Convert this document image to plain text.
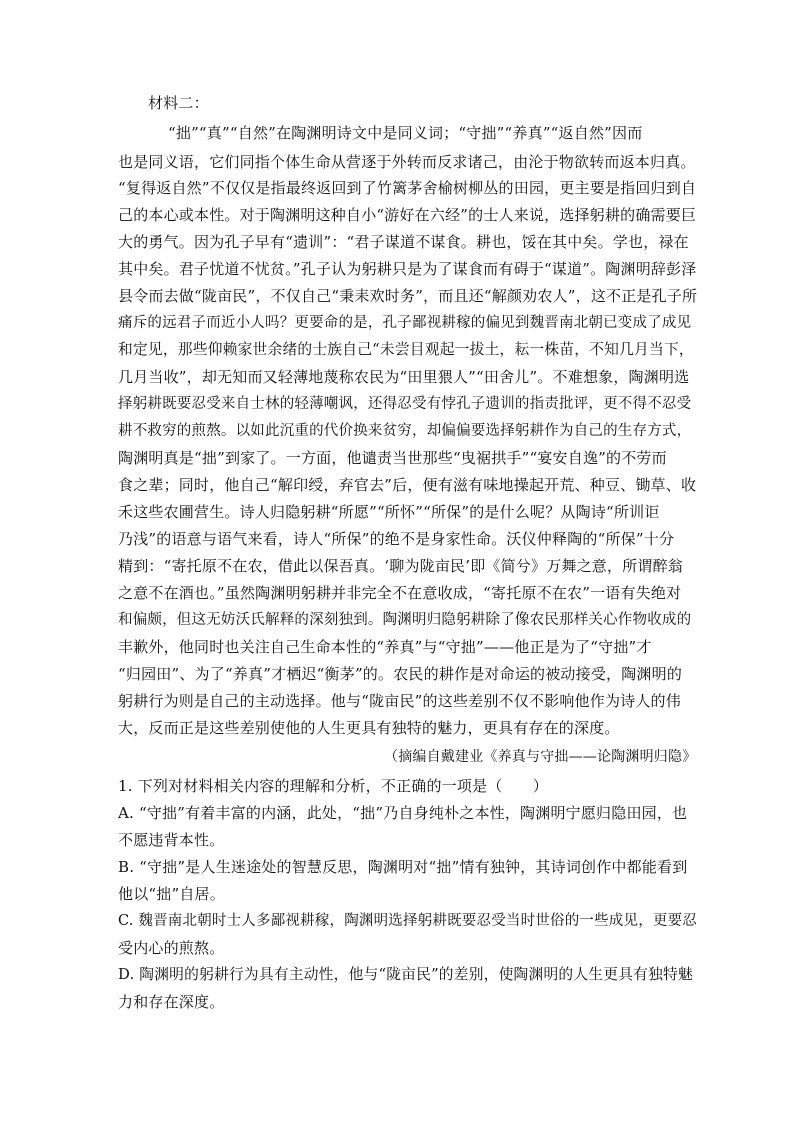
材料二：
“拙”“真”“自然”在陶渊明诗文中是同义词；“守拙”“养真”“返自然”因而
也是同义语，它们同指个体生命从营逐于外转而反求诸己，由沦于物欲转而返本归真。
“复得返自然”不仅仅是指最终返回到了竹篱茅舍榆树柳丛的田园，更主要是指回归到自
己的本心或本性。对于陶渊明这种自小“游好在六经”的士人来说，选择躬耕的确需要巨
大的勇气。因为孔子早有“遗训”：“君子谋道不谋食。耕也，馁在其中矣。学也，禄在
其中矣。君子忧道不忧贫。”孔子认为躬耕只是为了谋食而有碍于“谋道”。陶渊明辞彭泽
县令而去做“陇亩民”，不仅自己“秉耒欢时务”，而且还“解颜劝农人”，这不正是孔子所
痛斥的远君子而近小人吗？更要命的是，孔子鄙视耕稼的偏见到魏晋南北朝已变成了成见
和定见，那些仰赖家世余绪的士族自己“未尝目观起一拔土，耘一株苗，不知几月当下，
几月当收”，却无知而又轻薄地蔑称农民为“田里猥人”“田舍儿”。不难想象，陶渊明选
择躬耕既要忍受来自士林的轻薄嘲讽，还得忍受有悖孔子遗训的指责批评，更不得不忍受
耕不救穷的煎熬。以如此沉重的代价换来贫穷，却偏偏要选择躬耕作为自己的生存方式，
陶渊明真是“拙”到家了。一方面，他谴责当世那些“曳裾拱手”“宴安自逸”的不劳而
食之辈；同时，他自己“解印绶，弃官去”后，便有滋有味地操起开荒、种豆、锄草、收
禾这些农圃营生。诗人归隐躬耕“所愿”“所怀”“所保”的是什么呢？从陶诗“所训讵
乃浅”的语意与语气来看，诗人“所保”的绝不是身家性命。沃仪仲释陶的“所保”十分
精到：“寄托原不在农，借此以保吾真。‘聊为陇亩民’即《简兮》万舞之意，所谓醉翁
之意不在酒也。”虽然陶渊明躬耕并非完全不在意收成，“寄托原不在农”一语有失绝对
和偏颇，但这无妨沃氏解释的深刻独到。陶渊明归隐躬耕除了像农民那样关心作物收成的
丰歉外，他同时也关注自己生命本性的“养真”与“守拙”——他正是为了“守拙”才
“归园田”、为了“养真”才栖迟“衡茅”的。农民的耕作是对命运的被动接受，陶渊明的
躬耕行为则是自己的主动选择。他与“陇亩民”的这些差别不仅不影响他作为诗人的伟
大，反而正是这些差别使他的人生更具有独特的魅力，更具有存在的深度。
（摘编自戴建业《养真与守拙——论陶渊明归隐》
1. 下列对材料相关内容的理解和分析，不正确的一项是（　　）
A. “守拙”有着丰富的内涵，此处，“拙”乃自身纯朴之本性，陶渊明宁愿归隐田园，也
不愿违背本性。
B. “守拙”是人生迷途处的智慧反思，陶渊明对“拙”情有独钟，其诗词创作中都能看到
他以“拙”自居。
C. 魏晋南北朝时士人多鄙视耕稼，陶渊明选择躬耕既要忍受当时世俗的一些成见，更要忍
受内心的煎熬。
D. 陶渊明的躬耕行为具有主动性，他与“陇亩民”的差别，使陶渊明的人生更具有独特魅
力和存在深度。
